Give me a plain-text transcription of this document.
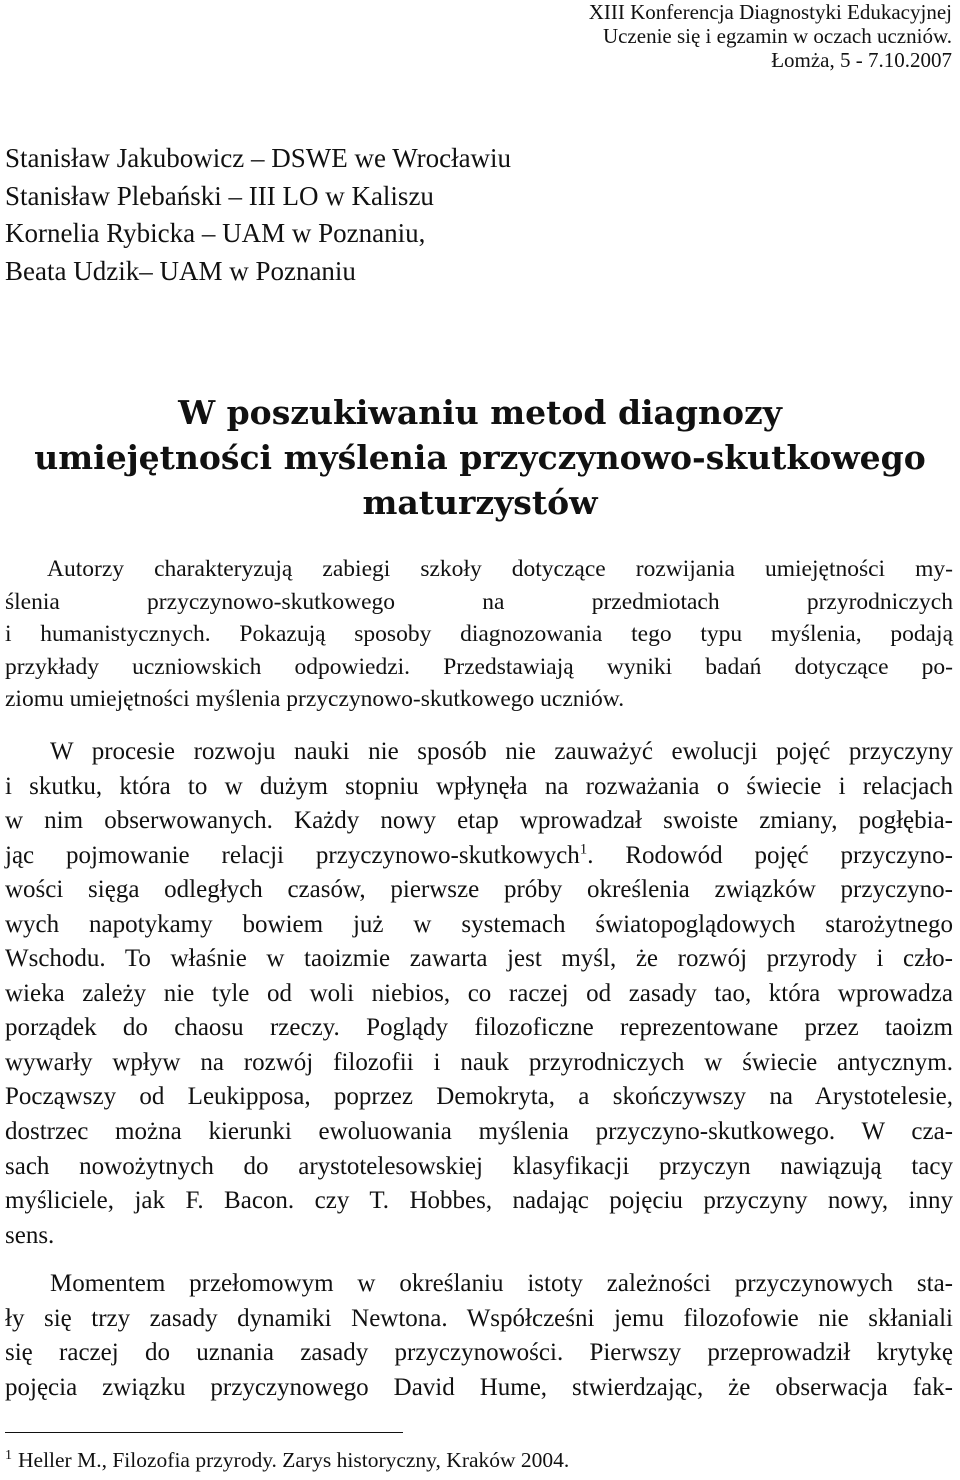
XIII Konferencja Diagnostyki Edukacyjnej
Uczenie się i egzamin w oczach uczniów.
Łomża, 5 - 7.10.2007
Stanisław Jakubowicz – DSWE we Wrocławiu
Stanisław Plebański – III LO w Kaliszu
Kornelia Rybicka – UAM w Poznaniu,
Beata Udzik– UAM w Poznaniu
W poszukiwaniu metod diagnozy
umiejętności myślenia przyczynowo-skutkowego
maturzystów
Autorzy charakteryzują zabiegi szkoły dotyczące rozwijania umiejętności my-
ślenia przyczynowo-skutkowego na przedmiotach przyrodniczych
i humanistycznych. Pokazują sposoby diagnozowania tego typu myślenia, podają
przykłady uczniowskich odpowiedzi. Przedstawiają wyniki badań dotyczące po-
ziomu umiejętności myślenia przyczynowo-skutkowego uczniów.
W procesie rozwoju nauki nie sposób nie zauważyć ewolucji pojęć przyczyny
i skutku, która to w dużym stopniu wpłynęła na rozważania o świecie i relacjach
w nim obserwowanych. Każdy nowy etap wprowadzał swoiste zmiany, pogłębia-
jąc pojmowanie relacji przyczynowo-skutkowych$^1$. Rodowód pojęć przyczyno-
wości sięga odległych czasów, pierwsze próby określenia związków przyczyno-
wych napotykamy bowiem już w systemach światopoglądowych starożytnego
Wschodu. To właśnie w taoizmie zawarta jest myśl, że rozwój przyrody i czło-
wieka zależy nie tyle od woli niebios, co raczej od zasady tao, która wprowadza
porządek do chaosu rzeczy. Poglądy filozoficzne reprezentowane przez taoizm
wywarły wpływ na rozwój filozofii i nauk przyrodniczych w świecie antycznym.
Począwszy od Leukipposa, poprzez Demokryta, a skończywszy na Arystotelesie,
dostrzec można kierunki ewoluowania myślenia przyczyno-skutkowego. W cza-
sach nowożytnych do arystotelesowskiej klasyfikacji przyczyn nawiązują tacy
myśliciele, jak F. Bacon. czy T. Hobbes, nadając pojęciu przyczyny nowy, inny
sens.
Momentem przełomowym w określaniu istoty zależności przyczynowych sta-
ły się trzy zasady dynamiki Newtona. Współcześni jemu filozofowie nie skłaniali
się raczej do uznania zasady przyczynowości. Pierwszy przeprowadził krytykę
pojęcia związku przyczynowego David Hume, stwierdzając, że obserwacja fak-
$^1$ Heller M., Filozofia przyrody. Zarys historyczny, Kraków 2004.
